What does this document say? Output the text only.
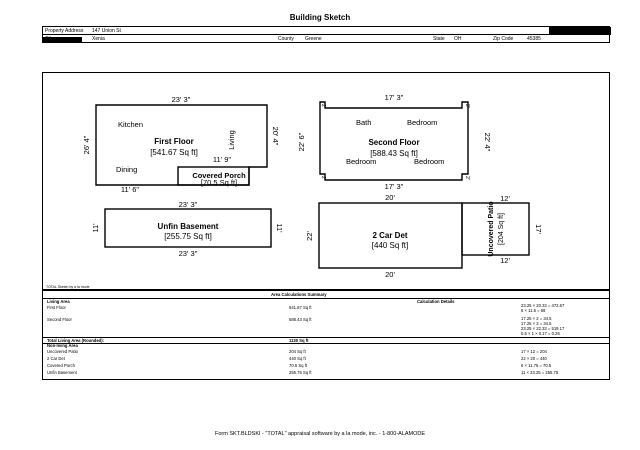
Building Sketch
Property Address 147 Union St
Xenia	County Greene	State OH	Zip Code	45385
23' 3"
11' 6"
26' 4"	20' 4"
Kitchen
Dining
Living
First Floor
[541.67 Sq ft]
11' 9"
Covered Porch
[70.5 Sq ft]
17' 3"
17' 3"
22' 6"	22' 4"
Bath	Bedroom
Bedroom	Bedroom
Second Floor
[588.43 Sq ft]
2'	2'
2'	2'
23' 3"
23' 3"
11'	11'
Unfin Basement
[255.75 Sq ft]
20'
20'
22'	2 Car Det
[440 Sq ft]
12'
12'
17'
Uncovered Patio [204 Sq ft]
TOTAL Sketch by a la mode
Area Calculations Summary
Living Area	Calculation Details
First Floor	541.67 Sq ft	23.25 × 20.33 = 472.67
6 × 11.5 = 69
Second Floor	588.43 Sq ft	17.25 × 2 = 34.5
17.25 × 2 = 34.5
23.25 × 22.33 = 519.17
0.5 × 1 × 0.17 = 0.26
Total Living Area (Rounded):	1130 Sq ft
Non-living Area
Uncovered Patio	204 Sq ft	17 × 12 = 204
2 Car Det	440 Sq ft	22 × 20 = 440
Covered Porch	70.5 Sq ft	6 × 11.75 = 70.5
Unfin Basement	255.75 Sq ft	11 × 23.25 = 255.75
Form SKT.BLDSKI - "TOTAL" appraisal software by a la mode, inc. - 1-800-ALAMODE
